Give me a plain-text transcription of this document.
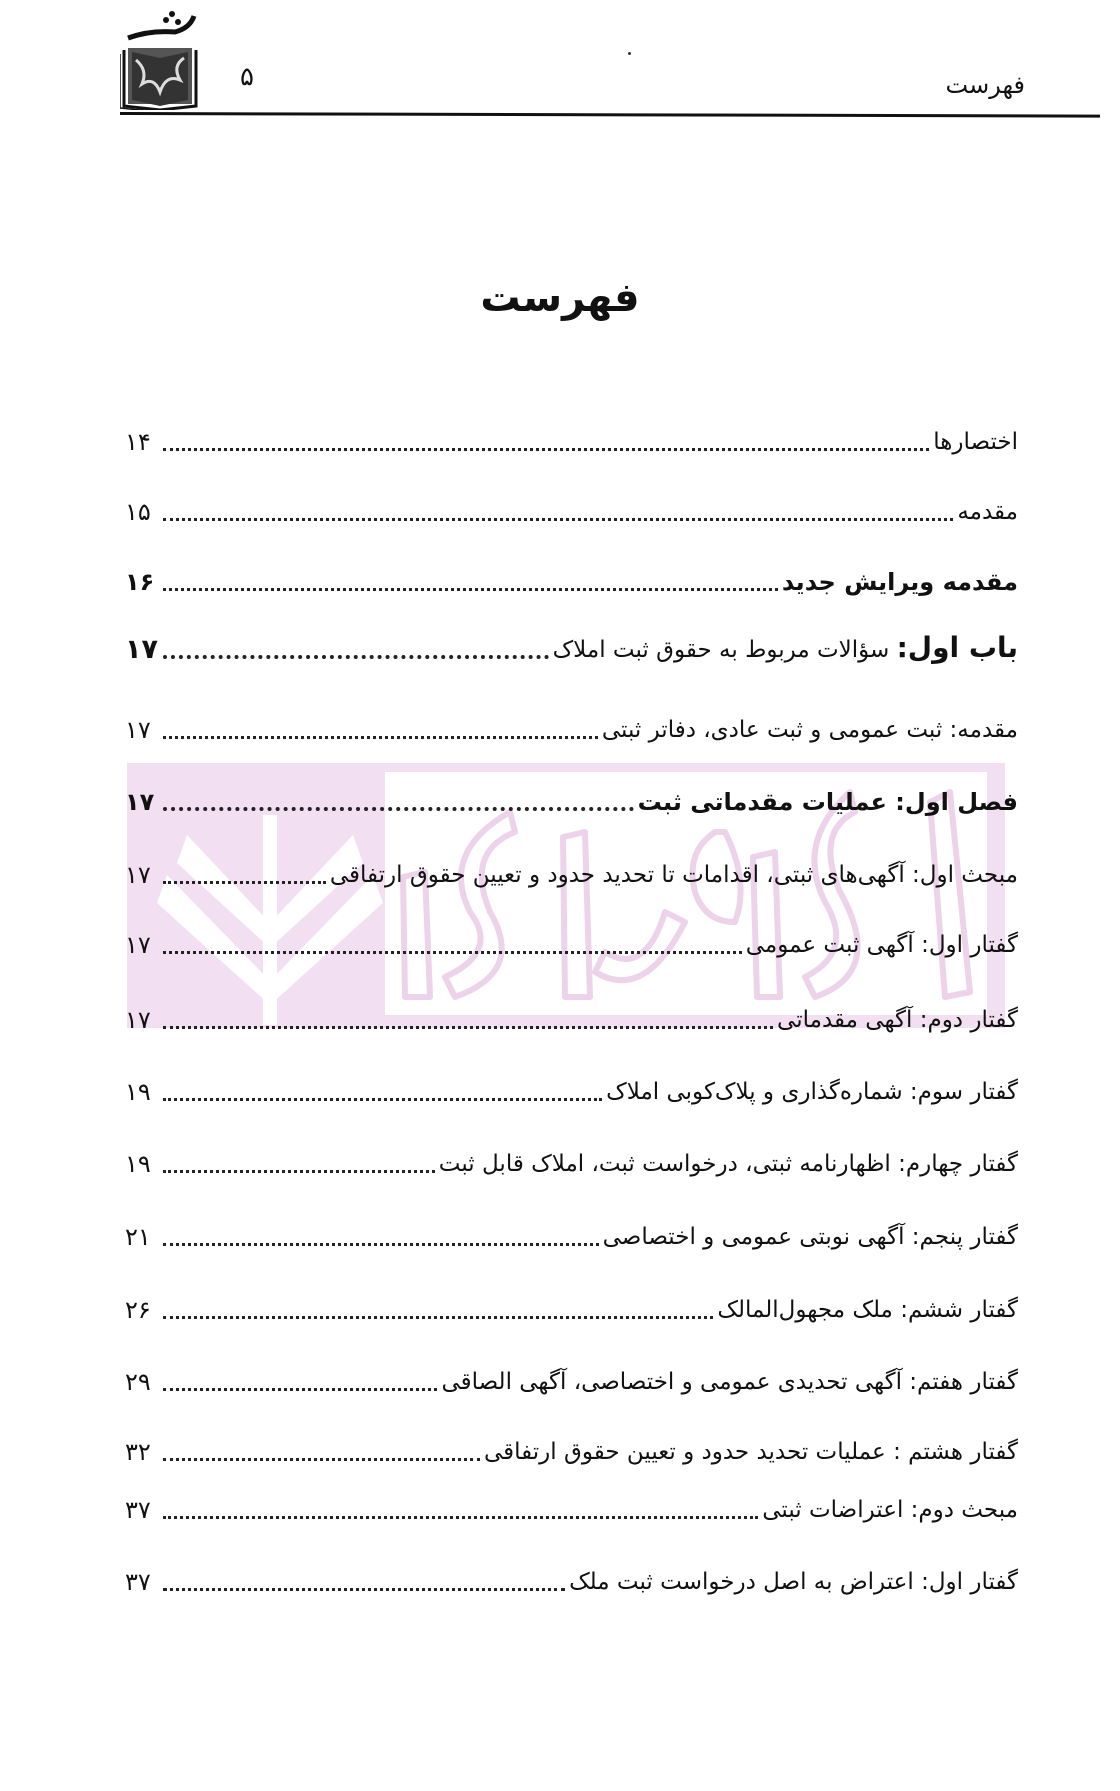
۵	فهرست
فهرست
اختصارها
۱۴
مقدمه
۱۵
مقدمه ویرایش جدید
۱۶
باب اول: سؤالات مربوط به حقوق ثبت املاک
۱۷
مقدمه: ثبت عمومی و ثبت عادی، دفاتر ثبتی
۱۷
فصل اول: عملیات مقدماتی ثبت
۱۷
مبحث اول: آگهی‌های ثبتی، اقدامات تا تحدید حدود و تعیین حقوق ارتفاقی
۱۷
گفتار اول: آگهی ثبت عمومی
۱۷
گفتار دوم: آگهی مقدماتی
۱۷
گفتار سوم: شماره‌گذاری و پلاک‌کوبی املاک
۱۹
گفتار چهارم: اظهارنامه ثبتی، درخواست ثبت، املاک قابل ثبت
۱۹
گفتار پنجم: آگهی نوبتی عمومی و اختصاصی
۲۱
گفتار ششم: ملک مجهول‌المالک
۲۶
گفتار هفتم: آگهی تحدیدی عمومی و اختصاصی، آگهی الصاقی
۲۹
گفتار هشتم : عملیات تحدید حدود و تعیین حقوق ارتفاقی
۳۲
مبحث دوم: اعتراضات ثبتی
۳۷
گفتار اول: اعتراض به اصل درخواست ثبت ملک
۳۷
